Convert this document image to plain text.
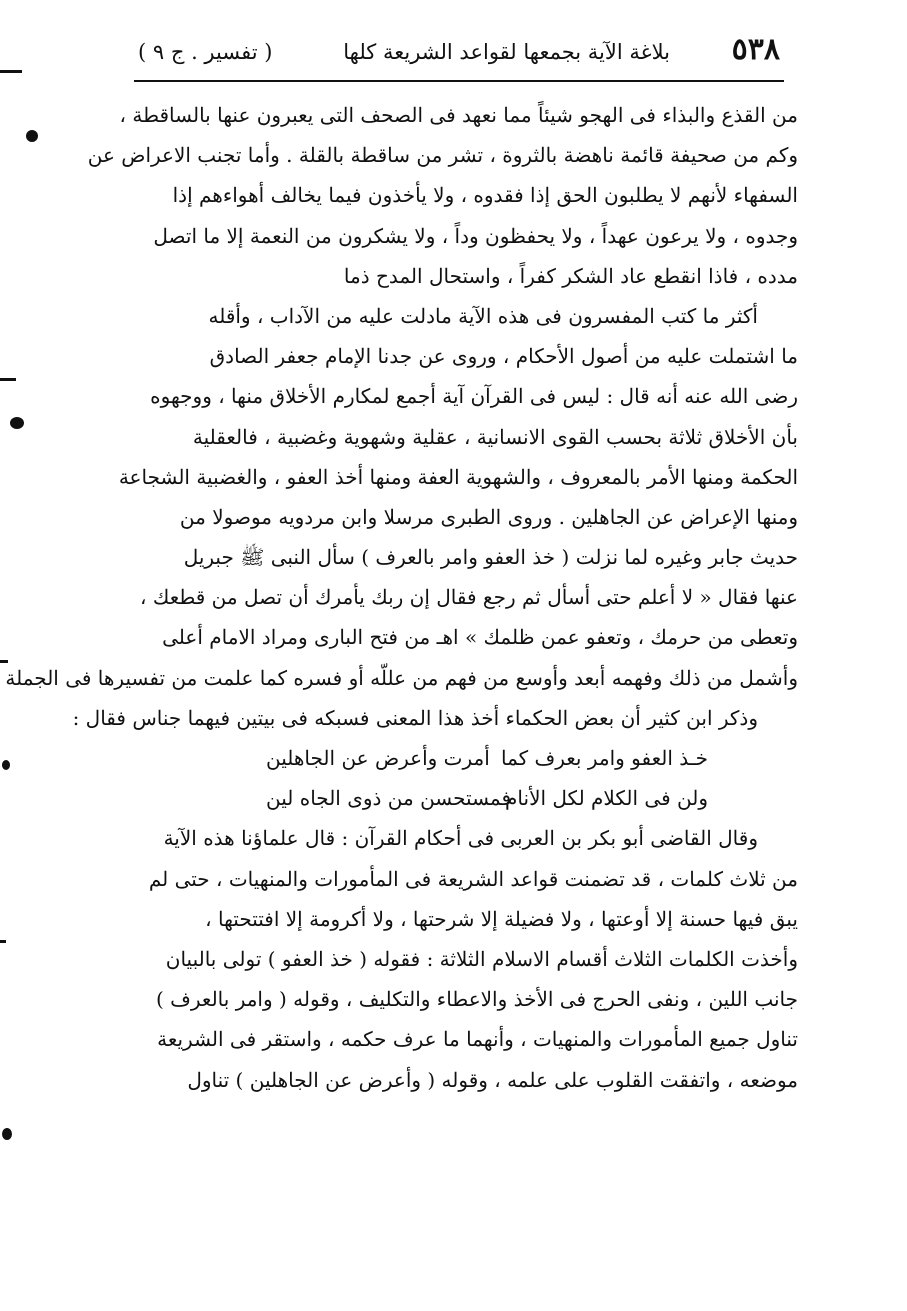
٥٣٨
بلاغة الآية بجمعها لقواعد الشريعة كلها
( تفسير . ج ٩ )
من القذع والبذاء فى الهجو شيئاً مما نعهد فى الصحف التى يعبرون عنها بالساقطة ،
وكم من صحيفة قائمة ناهضة بالثروة ، تشر من ساقطة بالقلة . وأما تجنب الاعراض عن
السفهاء لأنهم لا يطلبون الحق إذا فقدوه ، ولا يأخذون فيما يخالف أهواءهم إذا
وجدوه ، ولا يرعون عهداً ، ولا يحفظون وداً ، ولا يشكرون من النعمة إلا ما اتصل
مدده ، فاذا انقطع عاد الشكر كفراً ، واستحال المدح ذما
أكثر ما كتب المفسرون فى هذه الآية مادلت عليه من الآداب ، وأقله
ما اشتملت عليه من أصول الأحكام ، وروى عن جدنا الإمام جعفر الصادق
رضى الله عنه أنه قال : ليس فى القرآن آية أجمع لمكارم الأخلاق منها ، ووجهوه
بأن الأخلاق ثلاثة بحسب القوى الانسانية ، عقلية وشهوية وغضبية ، فالعقلية
الحكمة ومنها الأمر بالمعروف ، والشهوية العفة ومنها أخذ العفو ، والغضبية الشجاعة
ومنها الإعراض عن الجاهلين . وروى الطبرى مرسلا وابن مردويه موصولا من
حديث جابر وغيره لما نزلت ( خذ العفو وامر بالعرف ) سأل النبى ﷺ جبريل
عنها فقال « لا أعلم حتى أسأل ثم رجع فقال إن ربك يأمرك أن تصل من قطعك ،
وتعطى من حرمك ، وتعفو عمن ظلمك » اهـ من فتح البارى ومراد الامام أعلى
وأشمل من ذلك وفهمه أبعد وأوسع من فهم من عللّه أو فسره كما علمت من تفسيرها فى الجملة
وذكر ابن كثير أن بعض الحكماء أخذ هذا المعنى فسبكه فى بيتين فيهما جناس فقال :
خـذ العفو وامر بعرف كما
أمرت وأعرض عن الجاهلين
ولن فى الكلام لكل الأنام
فمستحسن من ذوى الجاه لين
وقال القاضى أبو بكر بن العربى فى أحكام القرآن : قال علماؤنا هذه الآية
من ثلاث كلمات ، قد تضمنت قواعد الشريعة فى المأمورات والمنهيات ، حتى لم
يبق فيها حسنة إلا أوعتها ، ولا فضيلة إلا شرحتها ، ولا أكرومة إلا افتتحتها ،
وأخذت الكلمات الثلاث أقسام الاسلام الثلاثة : فقوله ( خذ العفو ) تولى بالبيان
جانب اللين ، ونفى الحرج فى الأخذ والاعطاء والتكليف ، وقوله ( وامر بالعرف )
تناول جميع المأمورات والمنهيات ، وأنهما ما عرف حكمه ، واستقر فى الشريعة
موضعه ، واتفقت القلوب على علمه ، وقوله ( وأعرض عن الجاهلين ) تناول
